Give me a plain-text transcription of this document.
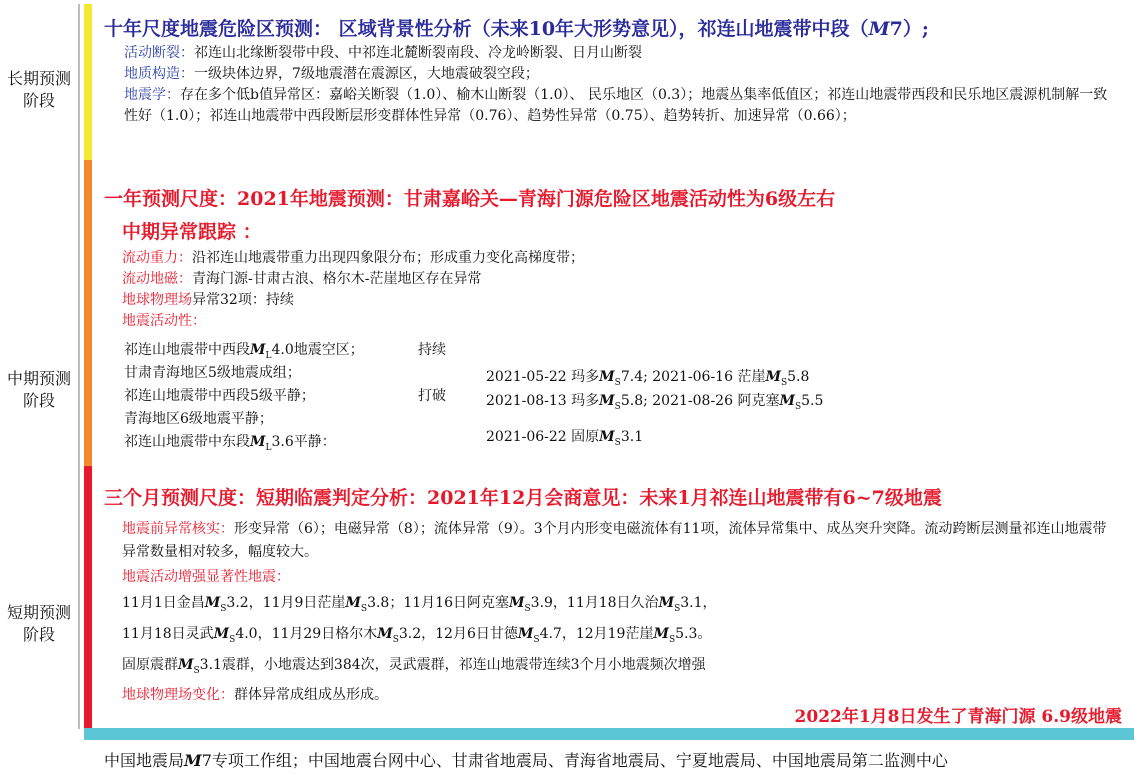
长期预测
阶段
中期预测
阶段
短期预测
阶段
十年尺度地震危险区预测： 区域背景性分析（未来10年大形势意见），祁连山地震带中段（M7）;
活动断裂：祁连山北缘断裂带中段、中祁连北麓断裂南段、冷龙岭断裂、日月山断裂
地质构造：一级块体边界，7级地震潜在震源区，大地震破裂空段；
地震学：存在多个低b值异常区：嘉峪关断裂（1.0）、榆木山断裂（1.0）、 民乐地区（0.3）；地震丛集率低值区；祁连山地震带西段和民乐地区震源机制解一致性好（1.0）；祁连山地震带中西段断层形变群体性异常（0.76）、趋势性异常（0.75）、趋势转折、加速异常（0.66）；
一年预测尺度：2021年地震预测：甘肃嘉峪关—青海门源危险区地震活动性为6级左右
中期异常跟踪 ：
流动重力：沿祁连山地震带重力出现四象限分布；形成重力变化高梯度带；
流动地磁：青海门源-甘肃古浪、格尔木-茫崖地区存在异常
地球物理场异常32项：持续
地震活动性：
祁连山地震带中西段$M_L4.0$地震空区；	持续
甘肃青海地区5级地震成组；
祁连山地震带中西段5级平静；	打破
青海地区6级地震平静；
祁连山地震带中东段$M_L3.6$平静：
2021-05-22 玛多$M_S7.4$; 2021-06-16 茫崖$M_S5.8$
2021-08-13 玛多$M_S5.8$; 2021-08-26 阿克塞$M_S5.5$
2021-06-22 固原$M_S3.1$
三个月预测尺度：短期临震判定分析：2021年12月会商意见：未来1月祁连山地震带有6~7级地震
地震前异常核实：形变异常（6）；电磁异常（8）；流体异常（9）。3个月内形变电磁流体有11项，流体异常集中、成丛突升突降。流动跨断层测量祁连山地震带异常数量相对较多，幅度较大。
地震活动增强显著性地震：
11月1日金昌$M_S3.2$，11月9日茫崖$M_S3.8$；11月16日阿克塞$M_S3.9$，11月18日久治$M_S3.1$，
11月18日灵武$M_S4.0$，11月29日格尔木$M_S3.2$，12月6日甘德$M_S4.7$，12月19茫崖$M_S5.3$。
固原震群$M_S3.1$震群，小地震达到384次，灵武震群，祁连山地震带连续3个月小地震频次增强
地球物理场变化：群体异常成组成丛形成。
2022年1月8日发生了青海门源 6.9级地震
中国地震局M7专项工作组；中国地震台网中心、甘肃省地震局、青海省地震局、宁夏地震局、中国地震局第二监测中心
